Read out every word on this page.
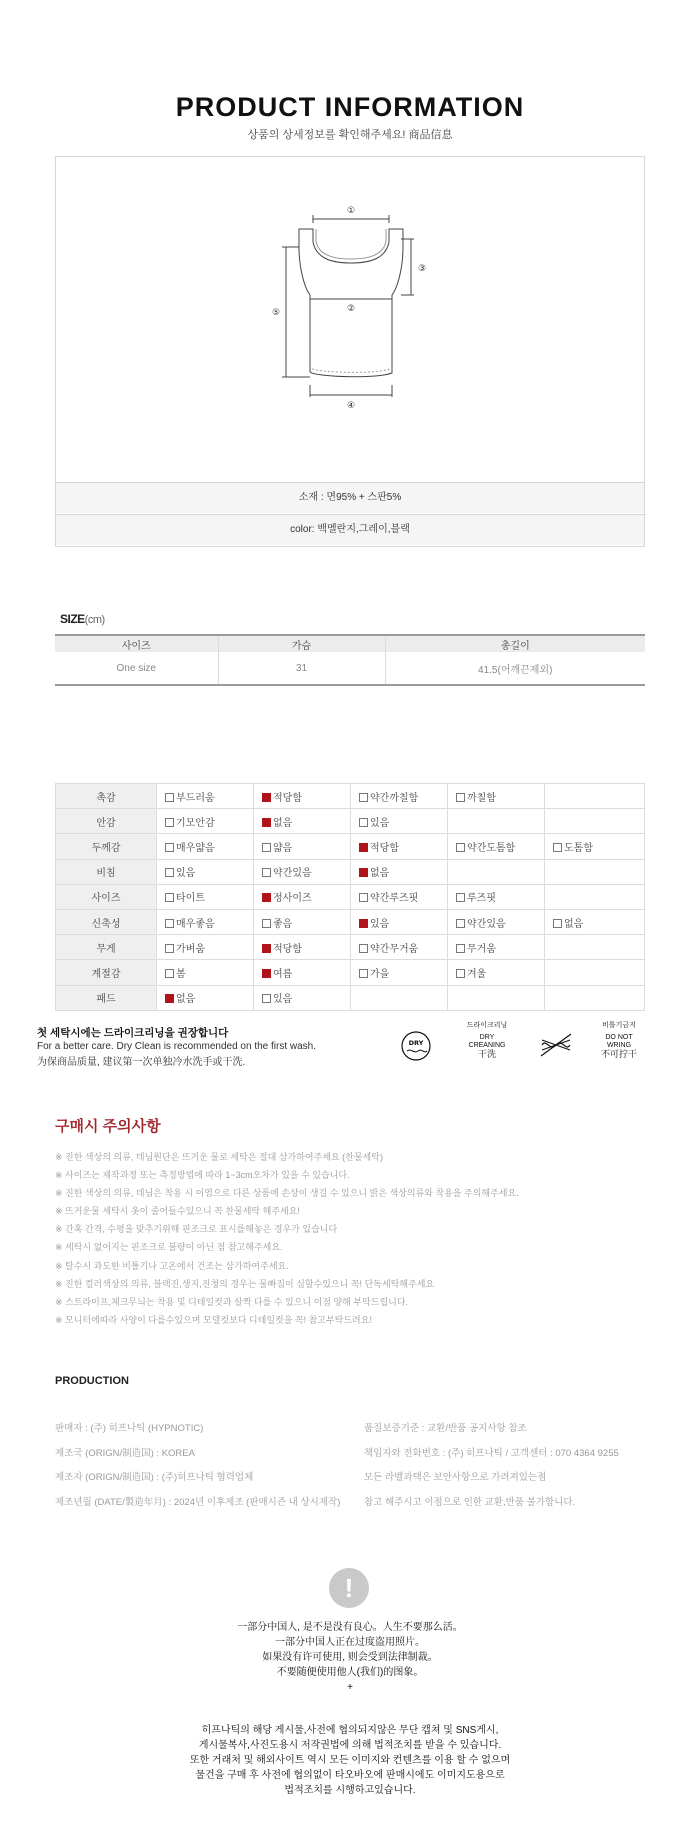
PRODUCT INFORMATION
상품의 상세정보를 확인해주세요! 商品信息
①
②
③
④
⑤
소재 : 면95% + 스판5%
color: 백멜란지,그레이,블랙
SIZE(cm)
사이즈	가슴	총길이
One size	31	41.5(어깨끈제외)
촉감	부드러움	적당함	약간까칠함	까칠함	
안감	기모안감	없음	있음		
두께감	매우얇음	얇음	적당함	약간도톰함	도톰함
비침	있음	약간있음	없음		
사이즈	타이트	정사이즈	약간루즈핏	루즈핏	
신축성	매우좋음	좋음	있음	약간있음	없음
무게	가벼움	적당함	약간무거움	무거움	
계절감	봄	여름	가을	겨울	
패드	없음	있음			
첫 세탁시에는 드라이크리닝을 권장합니다
For a better care. Dry Clean is recommended on the first wash.
为保商品质量, 建议第一次单独冷水洗手或干洗.
DRY
드라이크리닝
DRY
CREANING
干洗
비틀기금지
DO NOT
WRING
不可拧干
구매시 주의사항
※ 진한 색상의 의류, 데님원단은 뜨거운 물로 세탁은 절대 삼가하여주세요 (찬물세탁)
※ 사이즈는 제작과정 또는 측정방법에 따라 1~3cm오차가 있을 수 있습니다.
※ 진한 색상의 의류, 데님은 착용 시 이염으로 다른 상품에 손상이 생길 수 있으니 밝은 색상의류와 착용을 주의해주세요.
※ 뜨거운물 세탁시 옷이 줄어들수있으니 꼭 찬물세탁 해주세요!
※ 간혹 간격, 수평을 맞추기위해 핀조크로 표시를해놓은 경우가 있습니다
※ 세탁시 없어지는 핀조크로 불량이 아닌 점 참고해주세요.
※ 탈수시 과도한 비틀기나 고온에서 건조는 삼가하여주세요.
※ 진한 컬러색상의 의류, 블랙진,생지,진청의 경우는 물빠짐이 심할수있으니 꼭! 단독세탁해주세요
※ 스트라이프,체크무늬는 착용 및 디테일컷과 살짝 다를 수 있으니 이점 양해 부탁드립니다.
※ 모니터에따라 사양이 다를수있으며 모델컷보다 디테일컷을 꼭! 참고부탁드려요!
PRODUCTION
판매자 : (주) 히프나틱 (HYPNOTIC)
제조국 (ORIGN/制造国) : KOREA
제조자 (ORIGN/制造国) : (주)히프나틱 협력업체
제조년월 (DATE/製造年月) : 2024년 이후제조 (판매시즌 내 상시제작)
품질보증기준 : 교환/반품 공지사항 참조
책임자와 전화번호 : (주) 히프나틱 / 고객센터 : 070 4364 9255
모든 라벨과택은 보안사항으로 가려져있는점
참고 해주시고 이점으로 인한 교환,반품 불가합니다.
!
一部分中国人, 是不是没有良心。人生不要那么活。
一部分中国人正在过度盗用照片。
如果没有许可使用, 则会受到法律制裁。
不要随便使用他人(我们)的图象。
+
히프나틱의 해당 게시물,사전에 협의되지않은 무단 캡쳐 및 SNS게시,
게시물복사,사진도용시 저작권법에 의해 법적조치를 받을 수 있습니다.
또한 거래처 및 해외사이트 역시 모든 이미지와 컨텐츠를 이용 할 수 없으며
물건을 구매 후 사전에 협의없이 타오바오에 판매시에도 이미지도용으로
법적조치를 시행하고있습니다.
